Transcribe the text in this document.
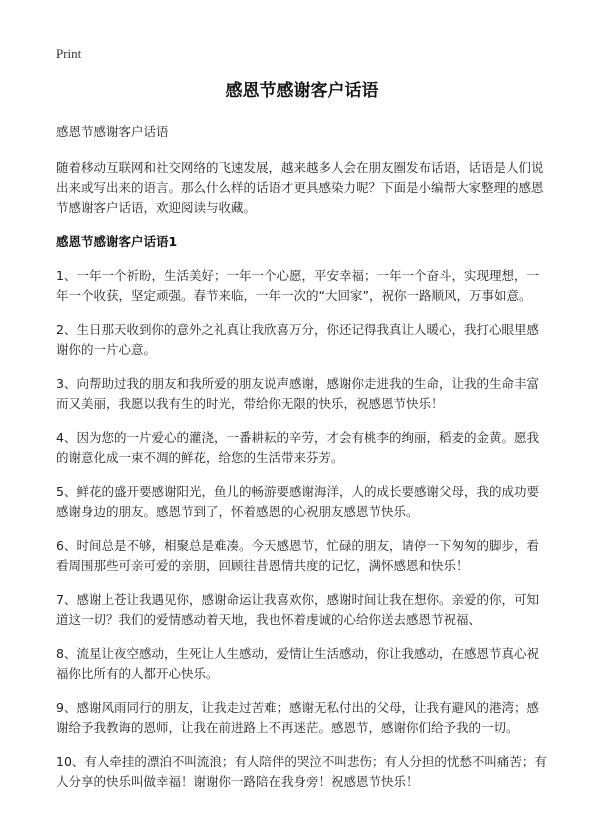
Print
感恩节感谢客户话语

感恩节感谢客户话语

随着移动互联网和社交网络的飞速发展，越来越多人会在朋友圈发布话语，话语是人们说出来或写出来的语言。那么什么样的话语才更具感染力呢？下面是小编帮大家整理的感恩节感谢客户话语，欢迎阅读与收藏。

感恩节感谢客户话语1

1、一年一个祈盼，生活美好；一年一个心愿，平安幸福；一年一个奋斗，实现理想，一年一个收获，坚定顽强。春节来临，一年一次的“大回家”，祝你一路顺风，万事如意。

2、生日那天收到你的意外之礼真让我欣喜万分，你还记得我真让人暖心，我打心眼里感谢你的一片心意。

3、向帮助过我的朋友和我所爱的朋友说声感谢，感谢你走进我的生命，让我的生命丰富而又美丽，我愿以我有生的时光，带给你无限的快乐，祝感恩节快乐！

4、因为您的一片爱心的灌浇，一番耕耘的辛劳，才会有桃李的绚丽，稻麦的金黄。愿我的谢意化成一束不凋的鲜花，给您的生活带来芬芳。

5、鲜花的盛开要感谢阳光，鱼儿的畅游要感谢海洋，人的成长要感谢父母，我的成功要感谢身边的朋友。感恩节到了，怀着感恩的心祝朋友感恩节快乐。

6、时间总是不够，相聚总是难凑。今天感恩节，忙碌的朋友，请停一下匆匆的脚步，看看周围那些可亲可爱的亲朋，回顾往昔恩情共度的记忆，满怀感恩和快乐！

7、感谢上苍让我遇见你，感谢命运让我喜欢你，感谢时间让我在想你。亲爱的你，可知道这一切？我们的爱情感动着天地，我也怀着虔诚的心给你送去感恩节祝福、

8、流星让夜空感动，生死让人生感动，爱情让生活感动，你让我感动，在感恩节真心祝福你比所有的人都开心快乐。

9、感谢风雨同行的朋友，让我走过苦难；感谢无私付出的父母，让我有避风的港湾；感谢给予我教诲的恩师，让我在前进路上不再迷茫。感恩节，感谢你们给予我的一切。

10、有人牵挂的漂泊不叫流浪；有人陪伴的哭泣不叫悲伤；有人分担的忧愁不叫痛苦；有人分享的快乐叫做幸福！谢谢你一路陪在我身旁！祝感恩节快乐！
